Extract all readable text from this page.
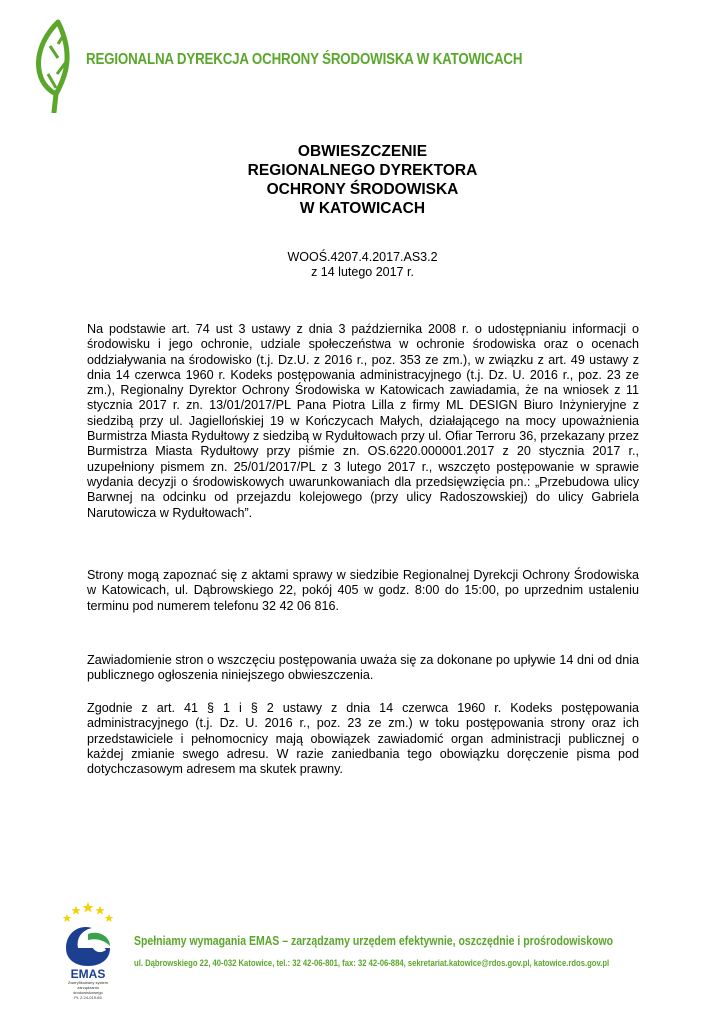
REGIONALNA DYREKCJA OCHRONY ŚRODOWISKA W KATOWICACH
OBWIESZCZENIE
REGIONALNEGO DYREKTORA
OCHRONY ŚRODOWISKA
W KATOWICACH
WOOŚ.4207.4.2017.AS3.2
z 14 lutego 2017 r.

Na podstawie art. 74 ust 3 ustawy z dnia 3 października 2008 r. o udostępnianiu informacji o środowisku i jego ochronie, udziale społeczeństwa w ochronie środowiska oraz o ocenach oddziaływania na środowisko (t.j. Dz.U. z 2016 r., poz. 353 ze zm.), w związku z art. 49 ustawy z dnia 14 czerwca 1960 r. Kodeks postępowania administracyjnego (t.j. Dz. U. 2016 r., poz. 23 ze zm.), Regionalny Dyrektor Ochrony Środowiska w Katowicach zawiadamia, że na wniosek z 11 stycznia 2017 r. zn. 13/01/2017/PL Pana Piotra Lilla z firmy ML DESIGN Biuro Inżynieryjne z siedzibą przy ul. Jagiellońskiej 19 w Kończycach Małych, działającego na mocy upoważnienia Burmistrza Miasta Rydułtowy z siedzibą w Rydułtowach przy ul. Ofiar Terroru 36, przekazany przez Burmistrza Miasta Rydułtowy przy piśmie zn. OS.6220.000001.2017 z 20 stycznia 2017 r., uzupełniony pismem zn. 25/01/2017/PL z 3 lutego 2017 r., wszczęto postępowanie w sprawie wydania decyzji o środowiskowych uwarunkowaniach dla przedsięwzięcia pn.: „Przebudowa ulicy Barwnej na odcinku od przejazdu kolejowego (przy ulicy Radoszowskiej) do ulicy Gabriela Narutowicza w Rydułtowach”.

Strony mogą zapoznać się z aktami sprawy w siedzibie Regionalnej Dyrekcji Ochrony Środowiska w Katowicach, ul. Dąbrowskiego 22, pokój 405 w godz. 8:00 do 15:00, po uprzednim ustaleniu terminu pod numerem telefonu 32 42 06 816.

Zawiadomienie stron o wszczęciu postępowania uważa się za dokonane po upływie 14 dni od dnia publicznego ogłoszenia niniejszego obwieszczenia.

Zgodnie z art. 41 § 1 i § 2 ustawy z dnia 14 czerwca 1960 r. Kodeks postępowania administracyjnego (t.j. Dz. U. 2016 r., poz. 23 ze zm.) w toku postępowania strony oraz ich przedstawiciele i pełnomocnicy mają obowiązek zawiadomić organ administracji publicznej o każdej zmianie swego adresu. W razie zaniedbania tego obowiązku doręczenie pisma pod dotychczasowym adresem ma skutek prawny.

EMAS
Zweryfikowany system
zarządzania
środowiskowego
PL 2.24-019-65
Spełniamy wymagania EMAS – zarządzamy urzędem efektywnie, oszczędnie i prośrodowiskowo
ul. Dąbrowskiego 22, 40-032 Katowice, tel.: 32 42-06-801, fax: 32 42-06-884, sekretariat.katowice@rdos.gov.pl, katowice.rdos.gov.pl
